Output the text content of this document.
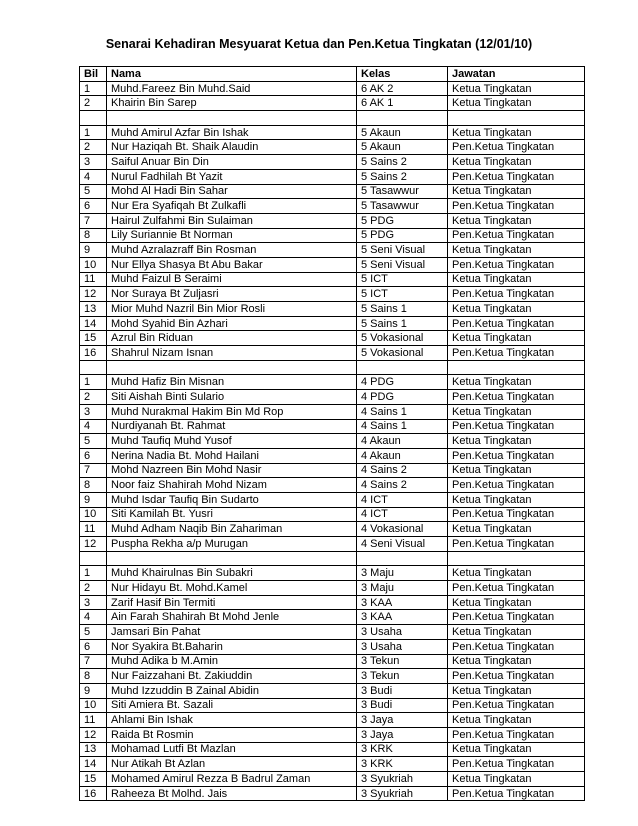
Senarai Kehadiran Mesyuarat Ketua dan Pen.Ketua Tingkatan (12/01/10)
Bil	Nama	Kelas	Jawatan
1	Muhd.Fareez Bin Muhd.Said	6 AK 2	Ketua Tingkatan
2	Khairin Bin Sarep	6 AK 1	Ketua Tingkatan

1	Muhd Amirul Azfar Bin Ishak	5 Akaun	Ketua Tingkatan
2	Nur Haziqah Bt. Shaik Alaudin	5 Akaun	Pen.Ketua Tingkatan
3	Saiful Anuar Bin Din	5 Sains 2	Ketua Tingkatan
4	Nurul Fadhilah Bt Yazit	5 Sains 2	Pen.Ketua Tingkatan
5	Mohd Al Hadi Bin Sahar	5 Tasawwur	Ketua Tingkatan
6	Nur Era Syafiqah Bt Zulkafli	5 Tasawwur	Pen.Ketua Tingkatan
7	Hairul Zulfahmi Bin Sulaiman	5 PDG	Ketua Tingkatan
8	Lily Suriannie Bt Norman	5 PDG	Pen.Ketua Tingkatan
9	Muhd Azralazraff Bin Rosman	5 Seni Visual	Ketua Tingkatan
10	Nur Ellya Shasya Bt Abu Bakar	5 Seni Visual	Pen.Ketua Tingkatan
11	Muhd Faizul B Seraimi	5 ICT	Ketua Tingkatan
12	Nor Suraya Bt Zuljasri	5 ICT	Pen.Ketua Tingkatan
13	Mior Muhd Nazril Bin Mior Rosli	5 Sains 1	Ketua Tingkatan
14	Mohd Syahid Bin Azhari	5 Sains 1	Pen.Ketua Tingkatan
15	Azrul Bin Riduan	5 Vokasional	Ketua Tingkatan
16	Shahrul Nizam Isnan	5 Vokasional	Pen.Ketua Tingkatan

1	Muhd Hafiz Bin Misnan	4 PDG	Ketua Tingkatan
2	Siti Aishah Binti Sulario	4 PDG	Pen.Ketua Tingkatan
3	Muhd Nurakmal Hakim Bin Md Rop	4 Sains 1	Ketua Tingkatan
4	Nurdiyanah Bt. Rahmat	4 Sains 1	Pen.Ketua Tingkatan
5	Muhd Taufiq Muhd Yusof	4 Akaun	Ketua Tingkatan
6	Nerina Nadia Bt. Mohd Hailani	4 Akaun	Pen.Ketua Tingkatan
7	Mohd Nazreen Bin Mohd Nasir	4 Sains 2	Ketua Tingkatan
8	Noor faiz Shahirah Mohd Nizam	4 Sains 2	Pen.Ketua Tingkatan
9	Muhd Isdar Taufiq Bin Sudarto	4 ICT	Ketua Tingkatan
10	Siti Kamilah Bt. Yusri	4 ICT	Pen.Ketua Tingkatan
11	Muhd Adham Naqib Bin Zahariman	4 Vokasional	Ketua Tingkatan
12	Puspha Rekha a/p Murugan	4 Seni Visual	Pen.Ketua Tingkatan

1	Muhd Khairulnas Bin Subakri	3 Maju	Ketua Tingkatan
2	Nur Hidayu Bt. Mohd.Kamel	3 Maju	Pen.Ketua Tingkatan
3	Zarif Hasif Bin Termiti	3 KAA	Ketua Tingkatan
4	Ain Farah Shahirah Bt Mohd Jenle	3 KAA	Pen.Ketua Tingkatan
5	Jamsari Bin Pahat	3 Usaha	Ketua Tingkatan
6	Nor Syakira Bt.Baharin	3 Usaha	Pen.Ketua Tingkatan
7	Muhd Adika b M.Amin	3 Tekun	Ketua Tingkatan
8	Nur Faizzahani Bt. Zakiuddin	3 Tekun	Pen.Ketua Tingkatan
9	Muhd Izzuddin B Zainal Abidin	3 Budi	Ketua Tingkatan
10	Siti Amiera Bt. Sazali	3 Budi	Pen.Ketua Tingkatan
11	Ahlami Bin Ishak	3 Jaya	Ketua Tingkatan
12	Raida Bt Rosmin	3 Jaya	Pen.Ketua Tingkatan
13	Mohamad Lutfi Bt Mazlan	3 KRK	Ketua Tingkatan
14	Nur Atikah Bt Azlan	3 KRK	Pen.Ketua Tingkatan
15	Mohamed Amirul Rezza B Badrul Zaman	3 Syukriah	Ketua Tingkatan
16	Raheeza Bt Molhd. Jais	3 Syukriah	Pen.Ketua Tingkatan
